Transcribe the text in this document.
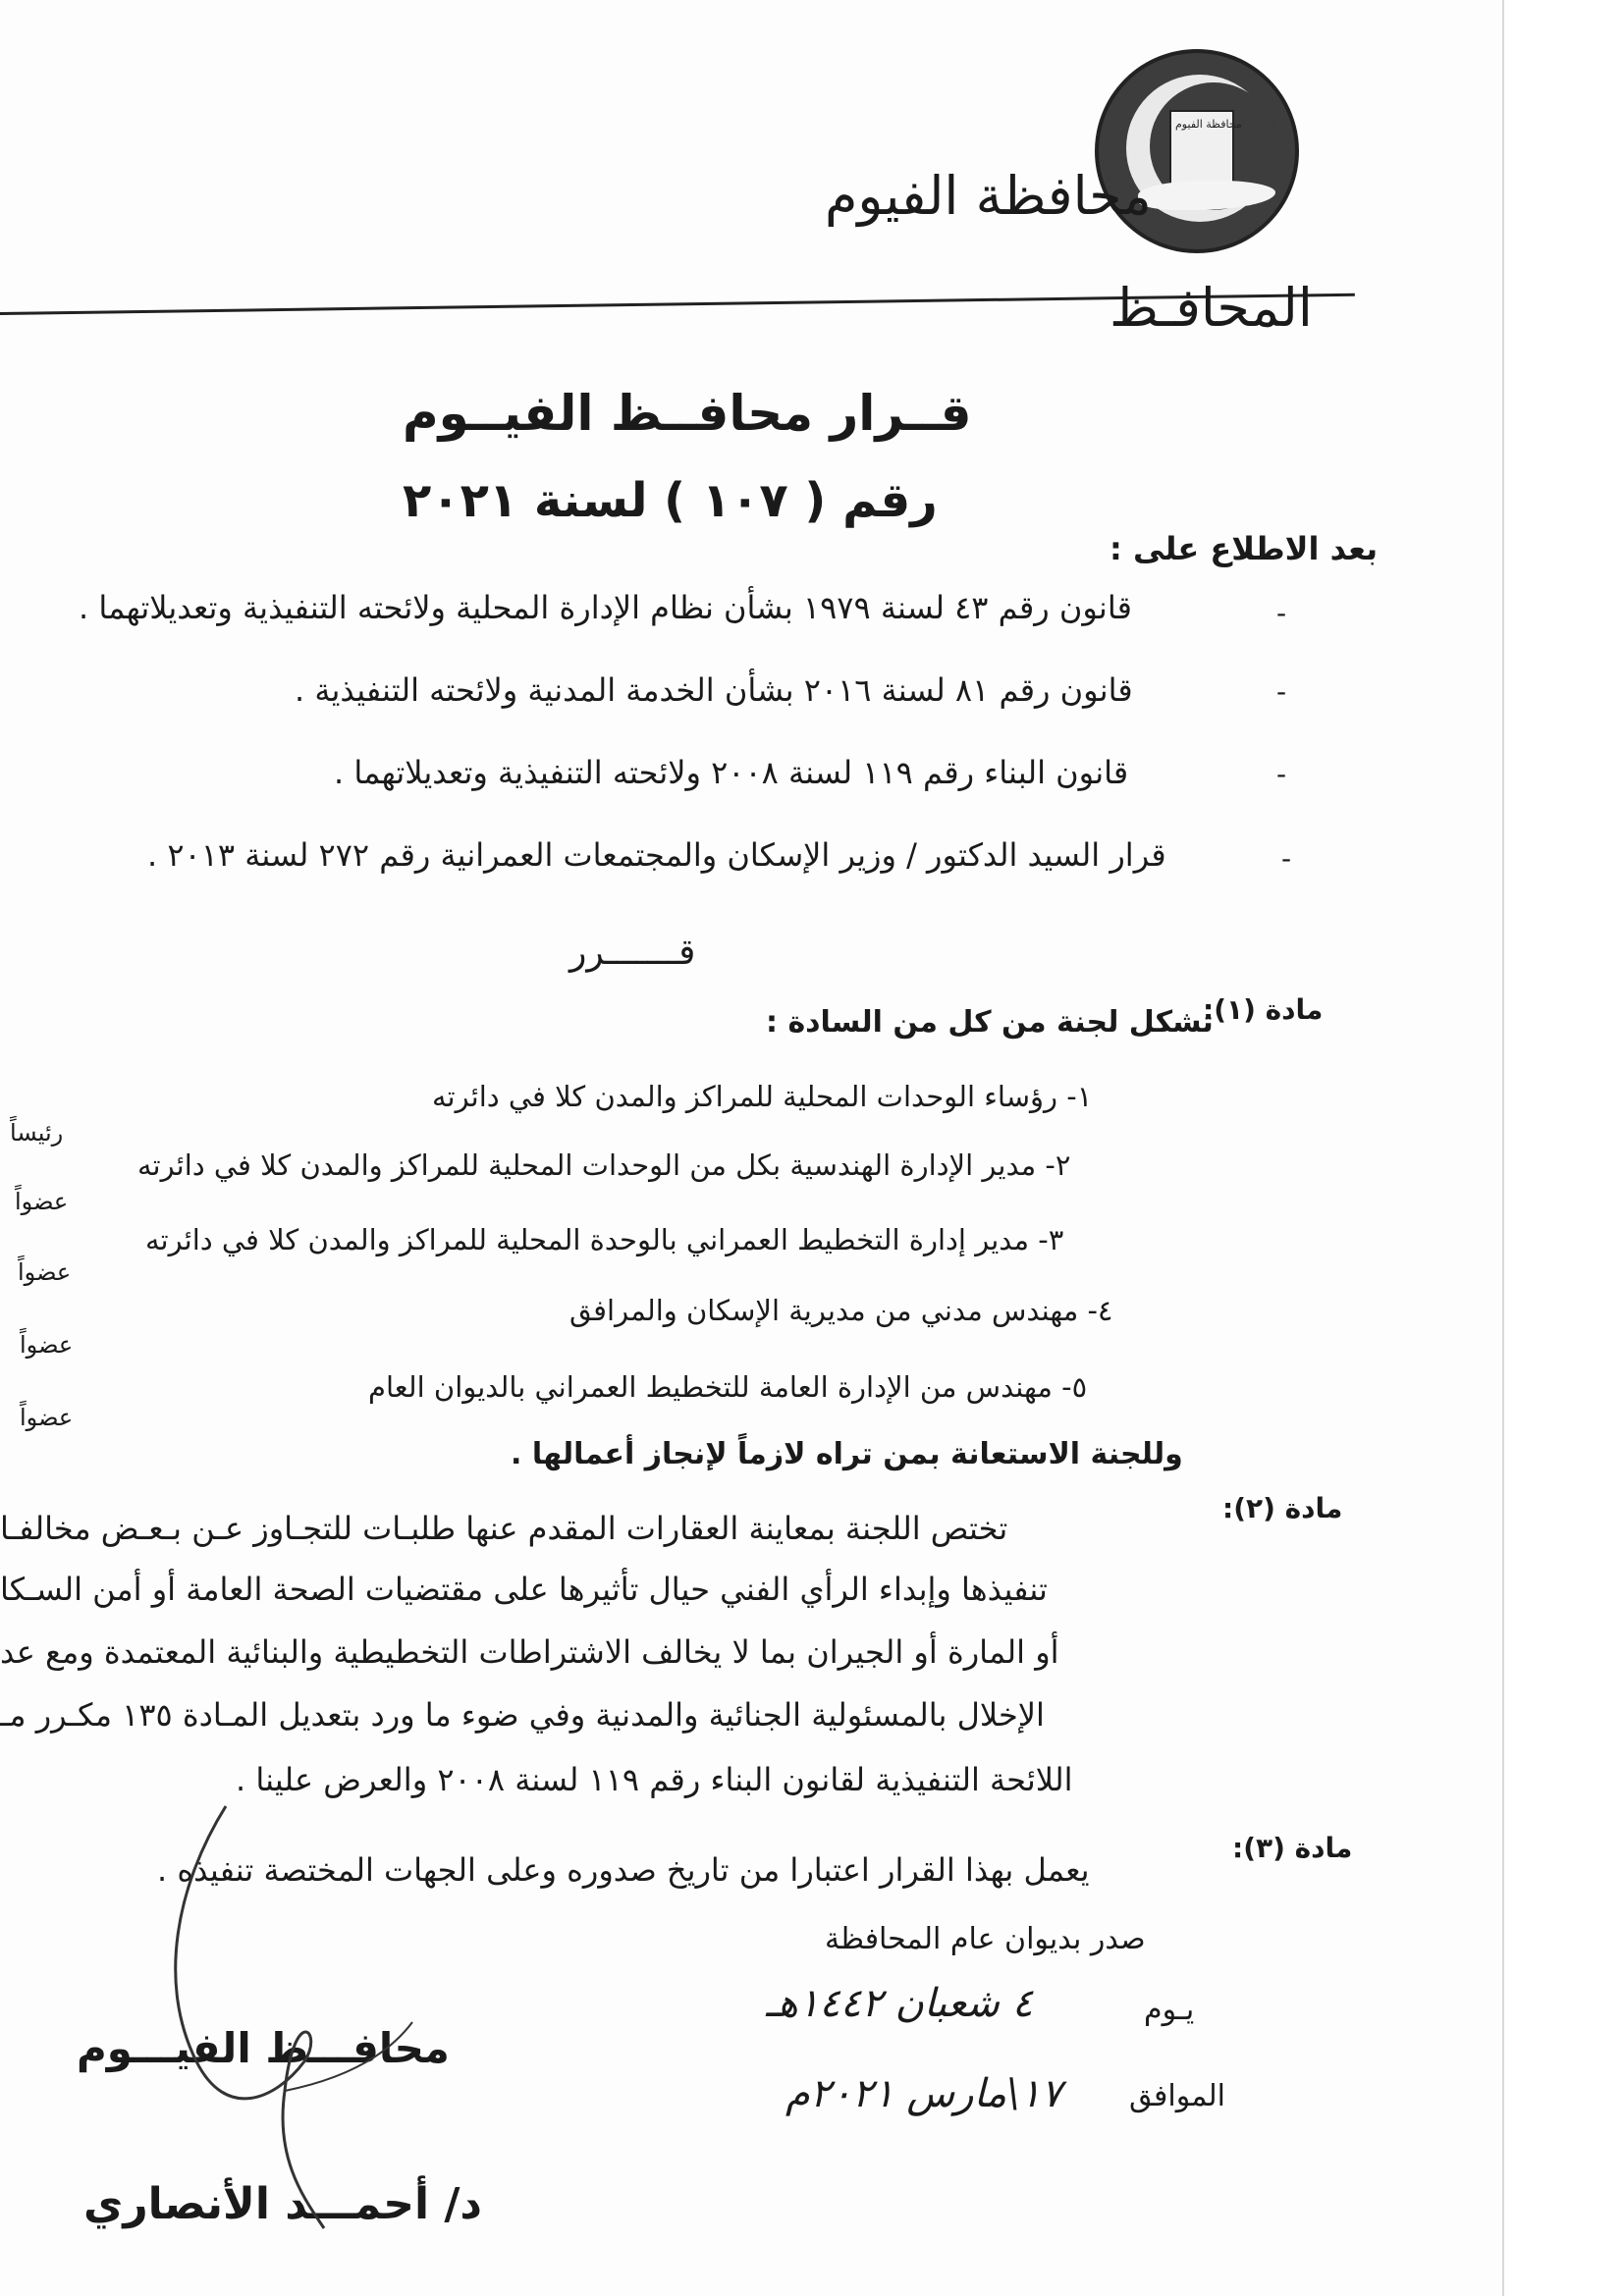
محافظة الفيوم
محافظة الفيوم
المحافـظ
قــرار محافــظ الفيــوم
رقم ( ١٠٧ ) لسنة ٢٠٢١
بعد الاطلاع على :
-
قانون رقم ٤٣ لسنة ١٩٧٩ بشأن نظام الإدارة المحلية ولائحته التنفيذية وتعديلاتهما .
-
قانون رقم ٨١ لسنة ٢٠١٦ بشأن الخدمة المدنية ولائحته التنفيذية .
-
قانون البناء رقم ١١٩ لسنة ٢٠٠٨ ولائحته التنفيذية وتعديلاتهما .
-
قرار السيد الدكتور / وزير الإسكان والمجتمعات العمرانية رقم ٢٧٢ لسنة ٢٠١٣ .
قـــــــرر
مادة (١):
تشكل لجنة من كل من السادة :
١- رؤساء الوحدات المحلية للمراكز والمدن كلا في دائرته
رئيساً
٢- مدير الإدارة الهندسية بكل من الوحدات المحلية للمراكز والمدن كلا في دائرته
عضواً
٣- مدير إدارة التخطيط العمراني بالوحدة المحلية للمراكز والمدن كلا في دائرته
عضواً
٤- مهندس مدني من مديرية الإسكان والمرافق
عضواً
٥- مهندس من الإدارة العامة للتخطيط العمراني بالديوان العام
عضواً
وللجنة الاستعانة بمن تراه لازماً لإنجاز أعمالها .
مادة (٢):
تختص اللجنة بمعاينة العقارات المقدم عنها طلبـات للتجـاوز عـن بـعـض مخالفـا
تنفيذها وإبداء الرأي الفني حيال تأثيرها على مقتضيات الصحة العامة أو أمن السـكا
أو المارة أو الجيران بما لا يخالف الاشتراطات التخطيطية والبنائية المعتمدة ومع عد
الإخلال بالمسئولية الجنائية والمدنية وفي ضوء ما ورد بتعديل المـادة ١٣٥ مكـرر مـ
اللائحة التنفيذية لقانون البناء رقم ١١٩ لسنة ٢٠٠٨ والعرض علينا .
مادة (٣):
يعمل بهذا القرار اعتبارا من تاريخ صدوره وعلى الجهات المختصة تنفيذه .
صدر بديوان عام المحافظة
يـوم
٤ شعبان ١٤٤٢هـ
الموافق
١٧\مارس ٢٠٢١م
محافـــظ الفيـــوم
د/ أحمـــد الأنصاري
